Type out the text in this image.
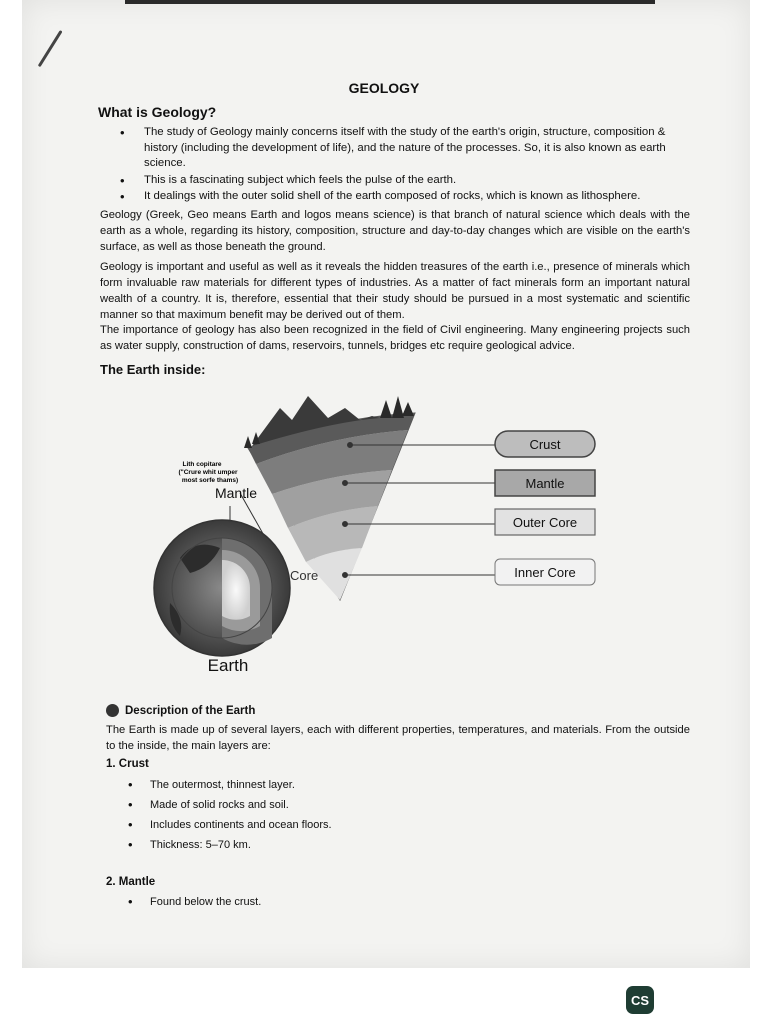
GEOLOGY
What is Geology?
• The study of Geology mainly concerns itself with the study of the earth's origin, structure, composition & history (including the development of life), and the nature of the processes. So, it is also known as earth science.
• This is a fascinating subject which feels the pulse of the earth.
• It dealings with the outer solid shell of the earth composed of rocks, which is known as lithosphere.
Geology (Greek, Geo means Earth and logos means science) is that branch of natural science which deals with the earth as a whole, regarding its history, composition, structure and day-to-day changes which are visible on the earth's surface, as well as those beneath the ground.
Geology is important and useful as well as it reveals the hidden treasures of the earth i.e., presence of minerals which form invaluable raw materials for different types of industries. As a matter of fact minerals form an important natural wealth of a country. It is, therefore, essential that their study should be pursued in a most systematic and scientific manner so that maximum benefit may be derived out of them.
The importance of geology has also been recognized in the field of Civil engineering. Many engineering projects such as water supply, construction of dams, reservoirs, tunnels, bridges etc require geological advice.
The Earth inside:
Crust
Mantle
Outer Core
Inner Core
Lith copitare
("Crure whit umper
most sorfe thams)
Mantle
Core
Earth
Description of the Earth
The Earth is made up of several layers, each with different properties, temperatures, and materials. From the outside to the inside, the main layers are:
1. Crust
• The outermost, thinnest layer.
• Made of solid rocks and soil.
• Includes continents and ocean floors.
• Thickness: 5–70 km.
2. Mantle
• Found below the crust.
CS
